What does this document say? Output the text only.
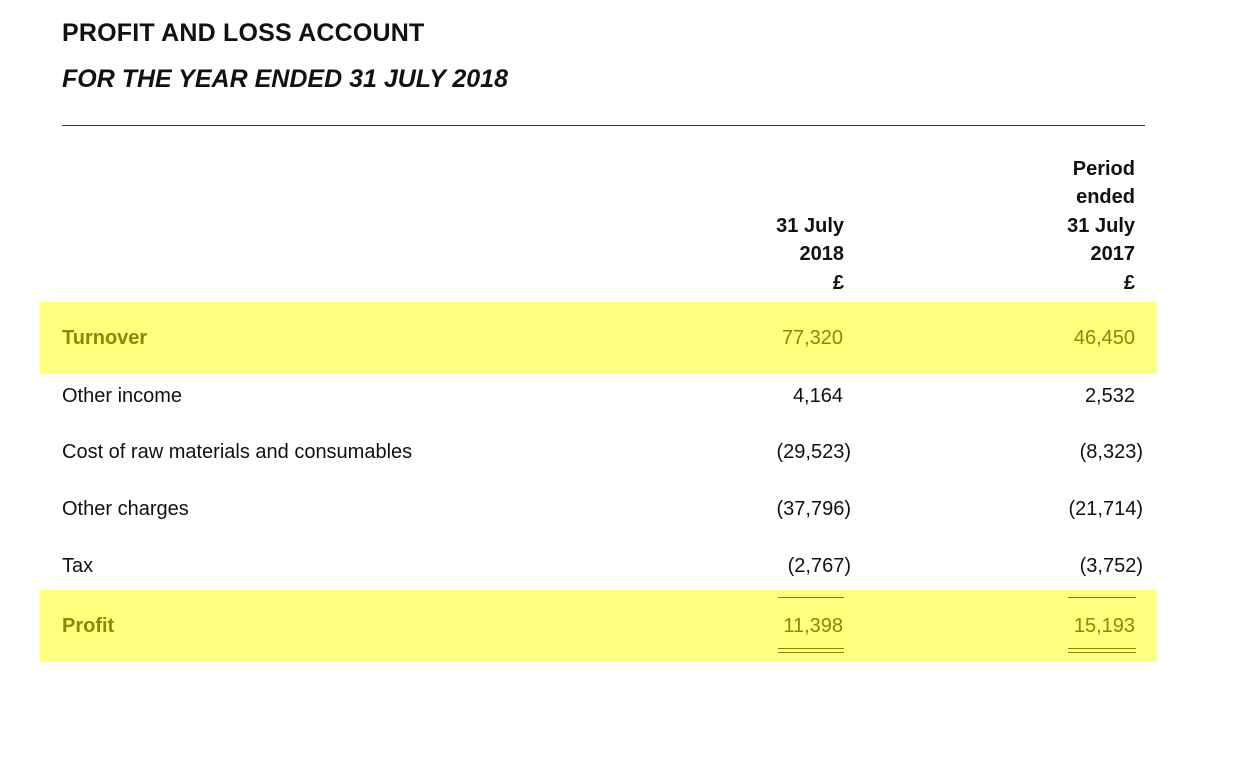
PROFIT AND LOSS ACCOUNT
FOR THE YEAR ENDED 31 JULY 2018
31 July
2018
£
Period
ended
31 July
2017
£
Turnover	77,320	46,450
Other income	4,164	2,532
Cost of raw materials and consumables	(29,523)	(8,323)
Other charges	(37,796)	(21,714)
Tax	(2,767)	(3,752)
Profit	11,398	15,193
